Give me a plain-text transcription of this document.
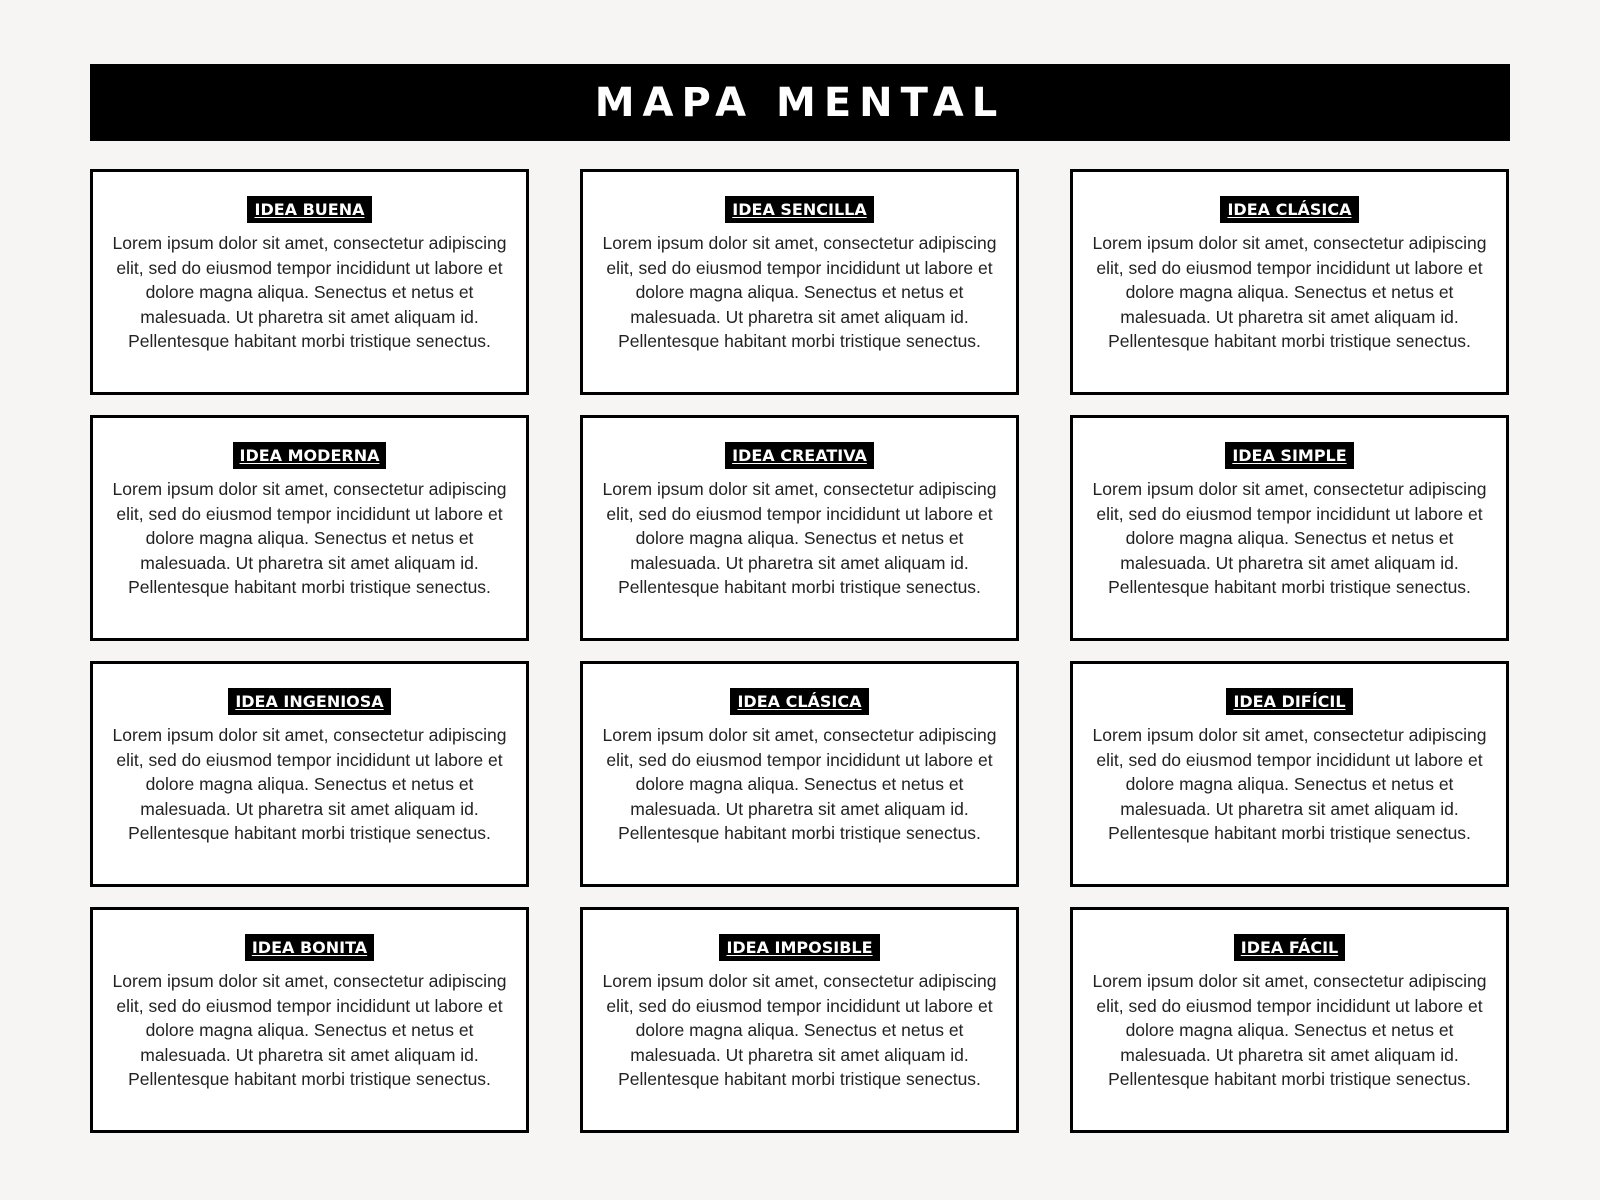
MAPA MENTAL
IDEA BUENA

Lorem ipsum dolor sit amet, consectetur adipiscing elit, sed do eiusmod tempor incididunt ut labore et dolore magna aliqua. Senectus et netus et malesuada. Ut pharetra sit amet aliquam id. Pellentesque habitant morbi tristique senectus.

IDEA SENCILLA

Lorem ipsum dolor sit amet, consectetur adipiscing elit, sed do eiusmod tempor incididunt ut labore et dolore magna aliqua. Senectus et netus et malesuada. Ut pharetra sit amet aliquam id. Pellentesque habitant morbi tristique senectus.

IDEA CLÁSICA

Lorem ipsum dolor sit amet, consectetur adipiscing elit, sed do eiusmod tempor incididunt ut labore et dolore magna aliqua. Senectus et netus et malesuada. Ut pharetra sit amet aliquam id. Pellentesque habitant morbi tristique senectus.

IDEA MODERNA

Lorem ipsum dolor sit amet, consectetur adipiscing elit, sed do eiusmod tempor incididunt ut labore et dolore magna aliqua. Senectus et netus et malesuada. Ut pharetra sit amet aliquam id. Pellentesque habitant morbi tristique senectus.

IDEA CREATIVA

Lorem ipsum dolor sit amet, consectetur adipiscing elit, sed do eiusmod tempor incididunt ut labore et dolore magna aliqua. Senectus et netus et malesuada. Ut pharetra sit amet aliquam id. Pellentesque habitant morbi tristique senectus.

IDEA SIMPLE

Lorem ipsum dolor sit amet, consectetur adipiscing elit, sed do eiusmod tempor incididunt ut labore et dolore magna aliqua. Senectus et netus et malesuada. Ut pharetra sit amet aliquam id. Pellentesque habitant morbi tristique senectus.

IDEA INGENIOSA

Lorem ipsum dolor sit amet, consectetur adipiscing elit, sed do eiusmod tempor incididunt ut labore et dolore magna aliqua. Senectus et netus et malesuada. Ut pharetra sit amet aliquam id. Pellentesque habitant morbi tristique senectus.

IDEA CLÁSICA

Lorem ipsum dolor sit amet, consectetur adipiscing elit, sed do eiusmod tempor incididunt ut labore et dolore magna aliqua. Senectus et netus et malesuada. Ut pharetra sit amet aliquam id. Pellentesque habitant morbi tristique senectus.

IDEA DIFÍCIL

Lorem ipsum dolor sit amet, consectetur adipiscing elit, sed do eiusmod tempor incididunt ut labore et dolore magna aliqua. Senectus et netus et malesuada. Ut pharetra sit amet aliquam id. Pellentesque habitant morbi tristique senectus.

IDEA BONITA

Lorem ipsum dolor sit amet, consectetur adipiscing elit, sed do eiusmod tempor incididunt ut labore et dolore magna aliqua. Senectus et netus et malesuada. Ut pharetra sit amet aliquam id. Pellentesque habitant morbi tristique senectus.

IDEA IMPOSIBLE

Lorem ipsum dolor sit amet, consectetur adipiscing elit, sed do eiusmod tempor incididunt ut labore et dolore magna aliqua. Senectus et netus et malesuada. Ut pharetra sit amet aliquam id. Pellentesque habitant morbi tristique senectus.

IDEA FÁCIL

Lorem ipsum dolor sit amet, consectetur adipiscing elit, sed do eiusmod tempor incididunt ut labore et dolore magna aliqua. Senectus et netus et malesuada. Ut pharetra sit amet aliquam id. Pellentesque habitant morbi tristique senectus.
